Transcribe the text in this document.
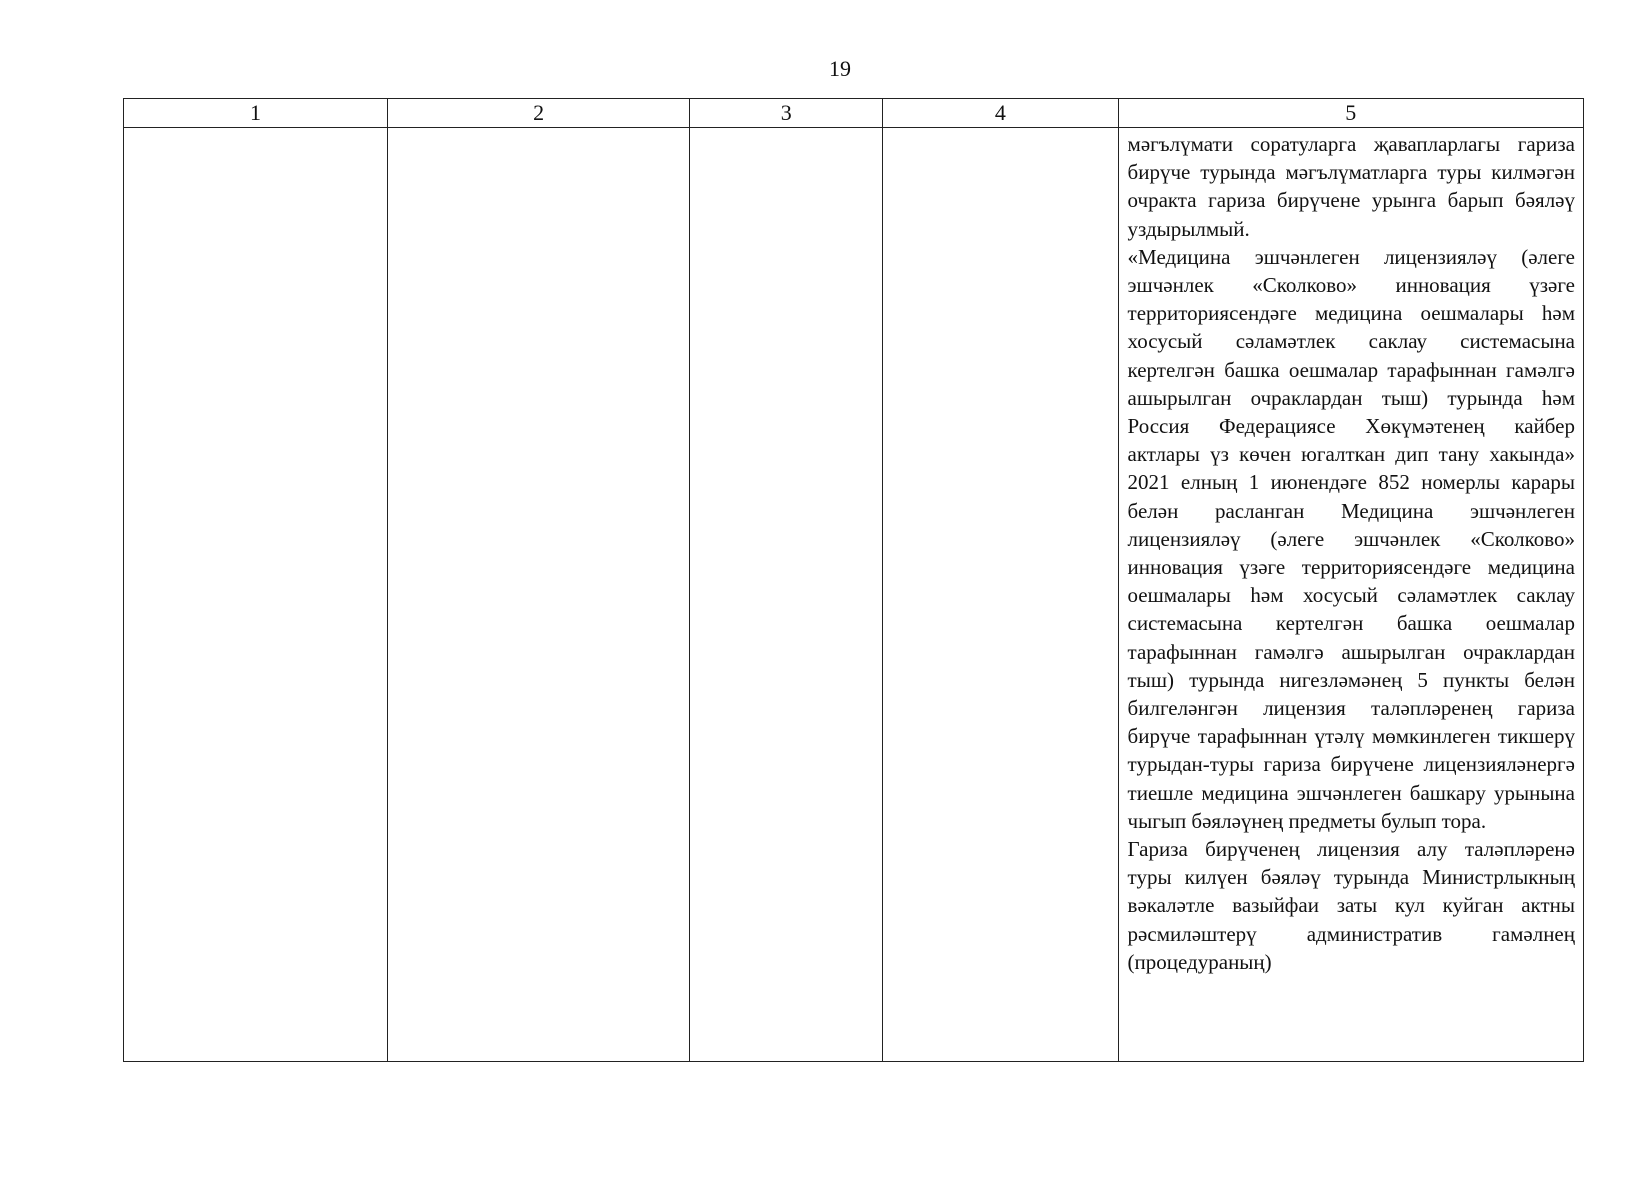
19
1	2	3	4	5

				мәгълүмати соратуларга җавапларлагы гариза бирүче турында мәгълүматларга туры килмәгән очракта гариза бирүчене урынга барып бәяләү уздырылмый.

«Медицина эшчәнлеген лицензияләү (әлеге эшчәнлек «Сколково» инновация үзәге территориясендәге медицина оешмалары һәм хосусый сәламәтлек саклау системасына кертелгән башка оешмалар тарафыннан гамәлгә ашырылган очраклардан тыш) турында һәм Россия Федерациясе Хөкүмәтенең кайбер актлары үз көчен югалткан дип тану хакында» 2021 елның 1 июнендәге 852 номерлы карары белән расланган Медицина эшчәнлеген лицензияләү (әлеге эшчәнлек «Сколково» инновация үзәге территориясендәге медицина оешмалары һәм хосусый сәламәтлек саклау системасына кертелгән башка оешмалар тарафыннан гамәлгә ашырылган очраклардан тыш) турында нигезләмәнең 5 пункты белән билгеләнгән лицензия таләпләренең гариза бирүче тарафыннан үтәлү мөмкинлеген тикшерү турыдан-туры гариза бирүчене лицензияләнергә тиешле медицина эшчәнлеген башкару урынына чыгып бәяләүнең предметы булып тора.

Гариза бирүченең лицензия алу таләпләренә туры килүен бәяләү турында Министрлыкның вәкаләтле вазыйфаи заты кул куйган актны рәсмиләштерү административ гамәлнең (процедураның)
